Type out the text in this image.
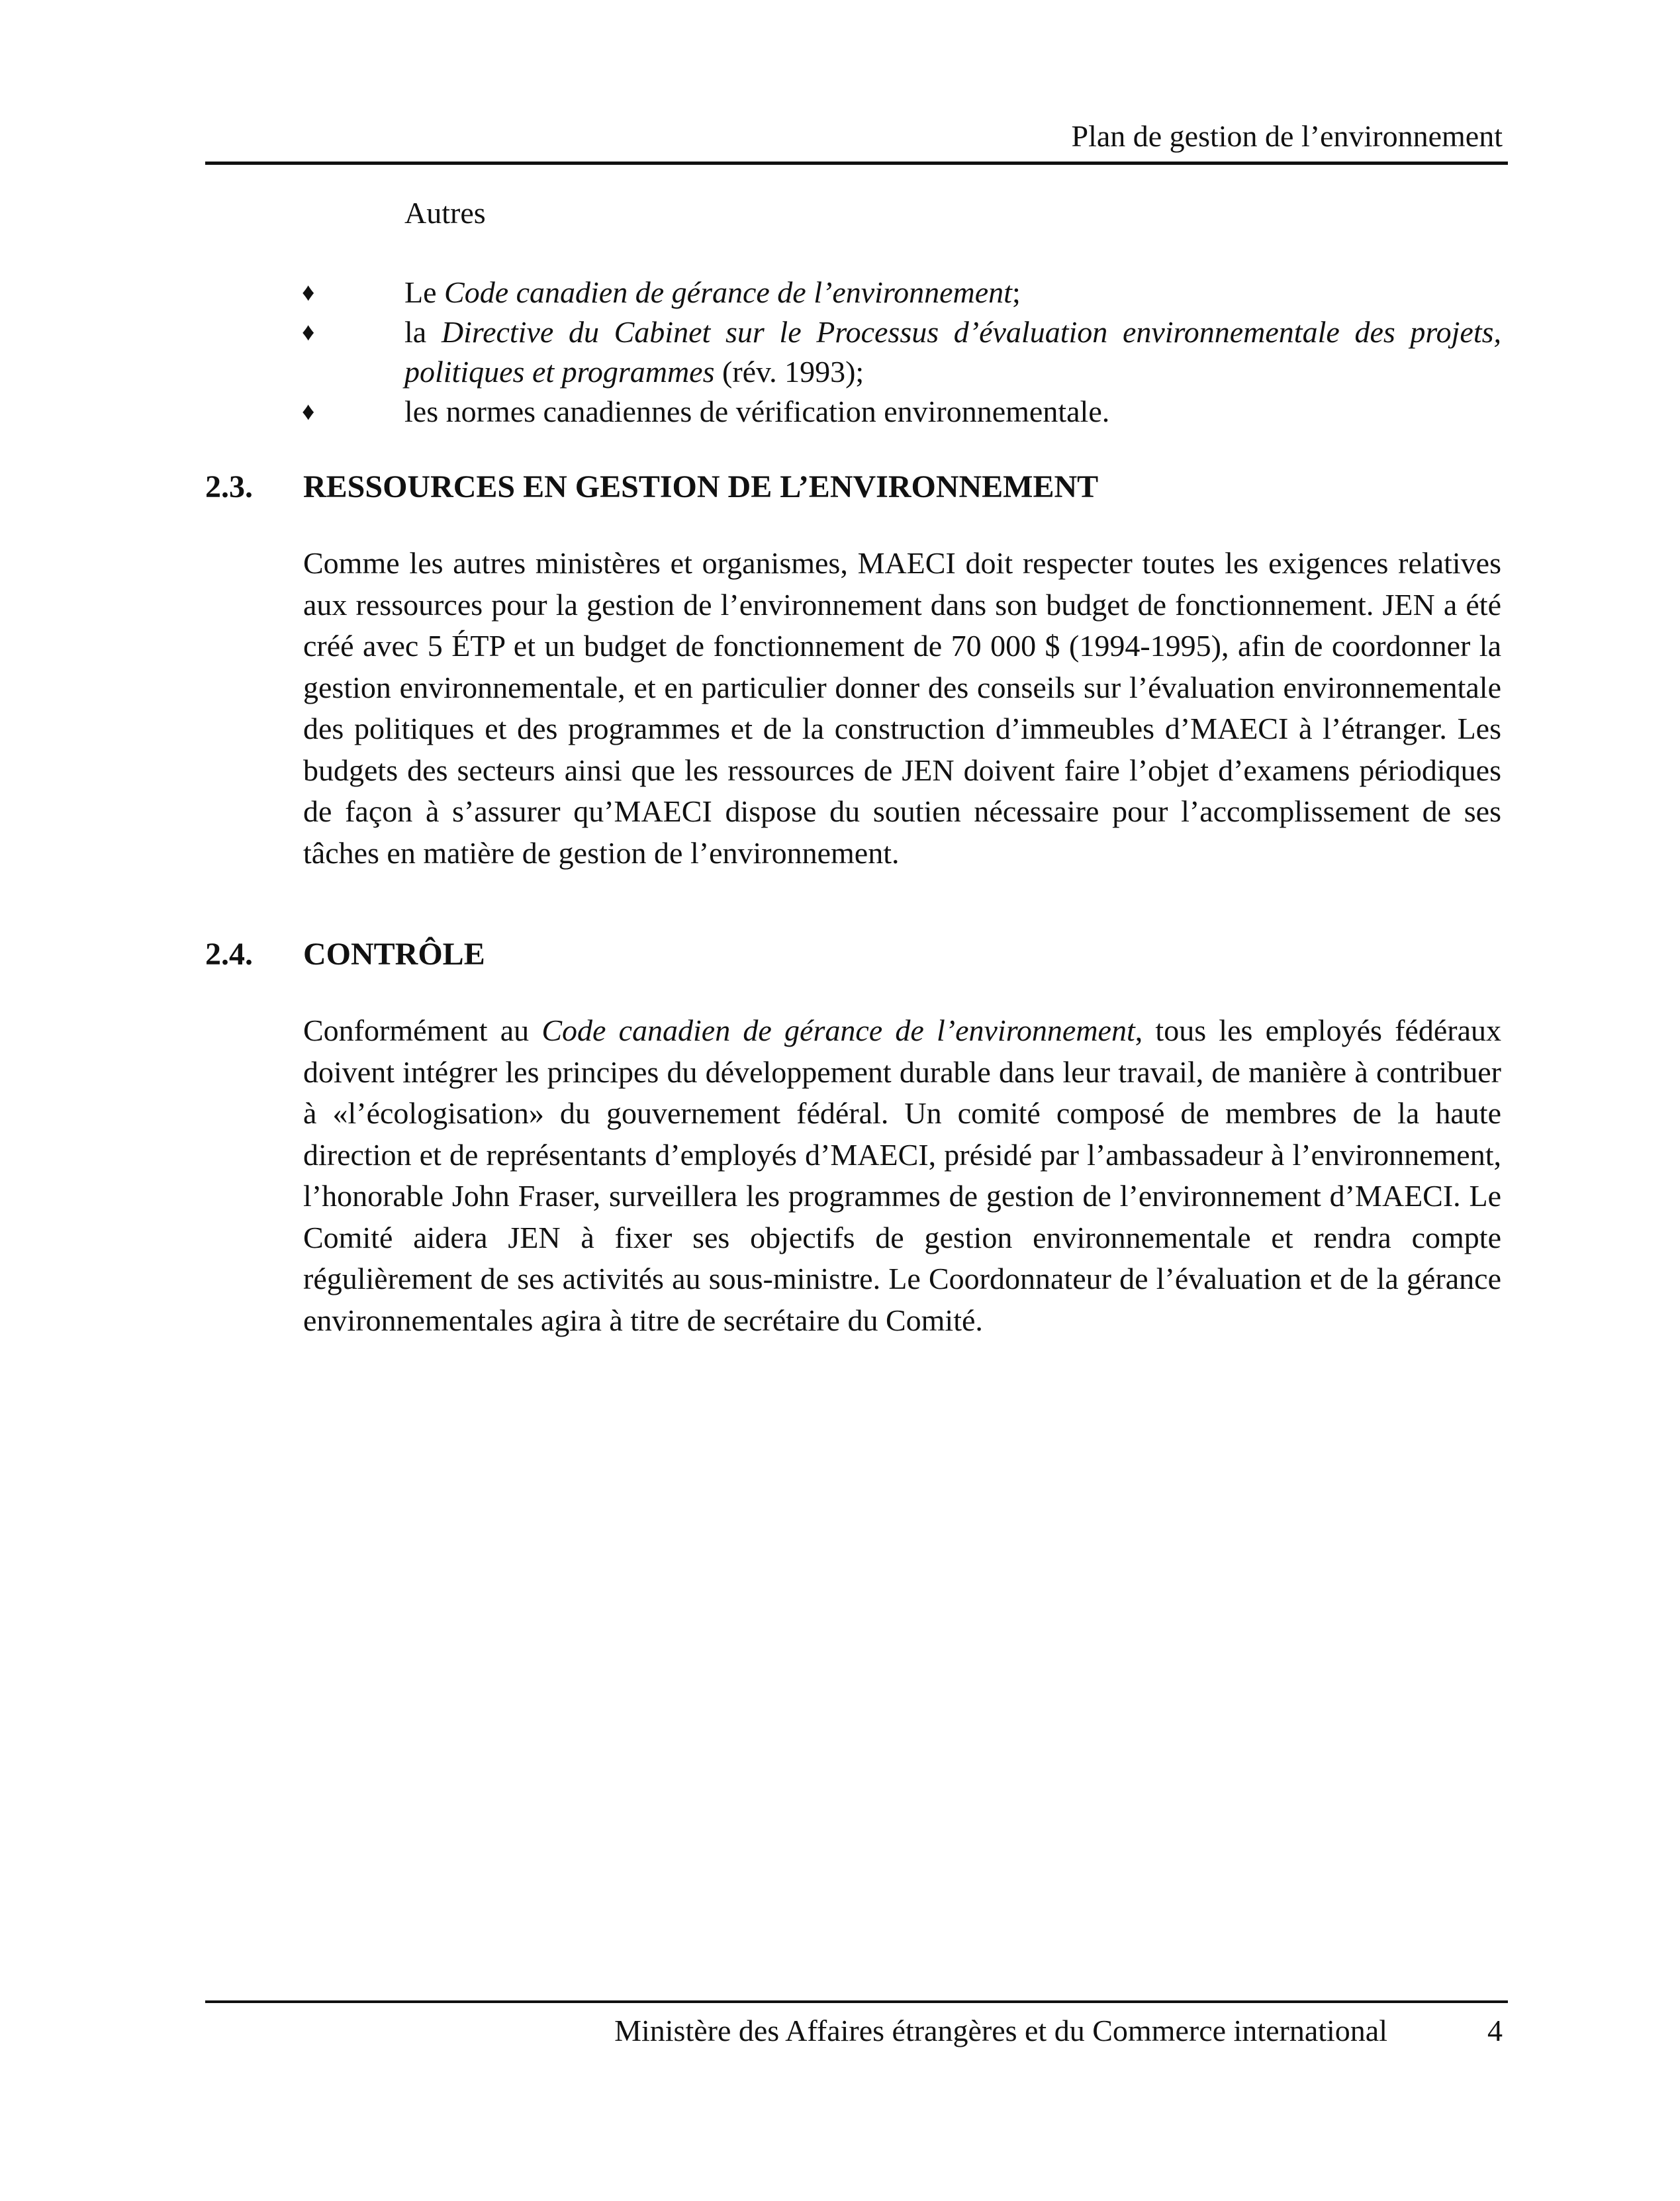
Plan de gestion de l’environnement
Autres
♦	Le Code canadien de gérance de l’environnement;
♦	la Directive du Cabinet sur le Processus d’évaluation environnementale des projets, politiques et programmes (rév. 1993);
♦	les normes canadiennes de vérification environnementale.
2.3. RESSOURCES EN GESTION DE L’ENVIRONNEMENT
Comme les autres ministères et organismes, MAECI doit respecter toutes les exigences relatives aux ressources pour la gestion de l’environnement dans son budget de fonctionnement. JEN a été créé avec 5 ÉTP et un budget de fonctionnement de 70 000 $ (1994-1995), afin de coordonner la gestion environnementale, et en particulier donner des conseils sur l’évaluation environnementale des politiques et des programmes et de la construction d’immeubles d’MAECI à l’étranger. Les budgets des secteurs ainsi que les ressources de JEN doivent faire l’objet d’examens périodiques de façon à s’assurer qu’MAECI dispose du soutien nécessaire pour l’accomplissement de ses tâches en matière de gestion de l’environnement.
2.4. CONTRÔLE
Conformément au Code canadien de gérance de l’environnement, tous les employés fédéraux doivent intégrer les principes du développement durable dans leur travail, de manière à contribuer à «l’écologisation» du gouvernement fédéral. Un comité composé de membres de la haute direction et de représentants d’employés d’MAECI, présidé par l’ambassadeur à l’environnement, l’honorable John Fraser, surveillera les programmes de gestion de l’environnement d’MAECI. Le Comité aidera JEN à fixer ses objectifs de gestion environnementale et rendra compte régulièrement de ses activités au sous-ministre. Le Coordonnateur de l’évaluation et de la gérance environnementales agira à titre de secrétaire du Comité.
Ministère des Affaires étrangères et du Commerce international	4
